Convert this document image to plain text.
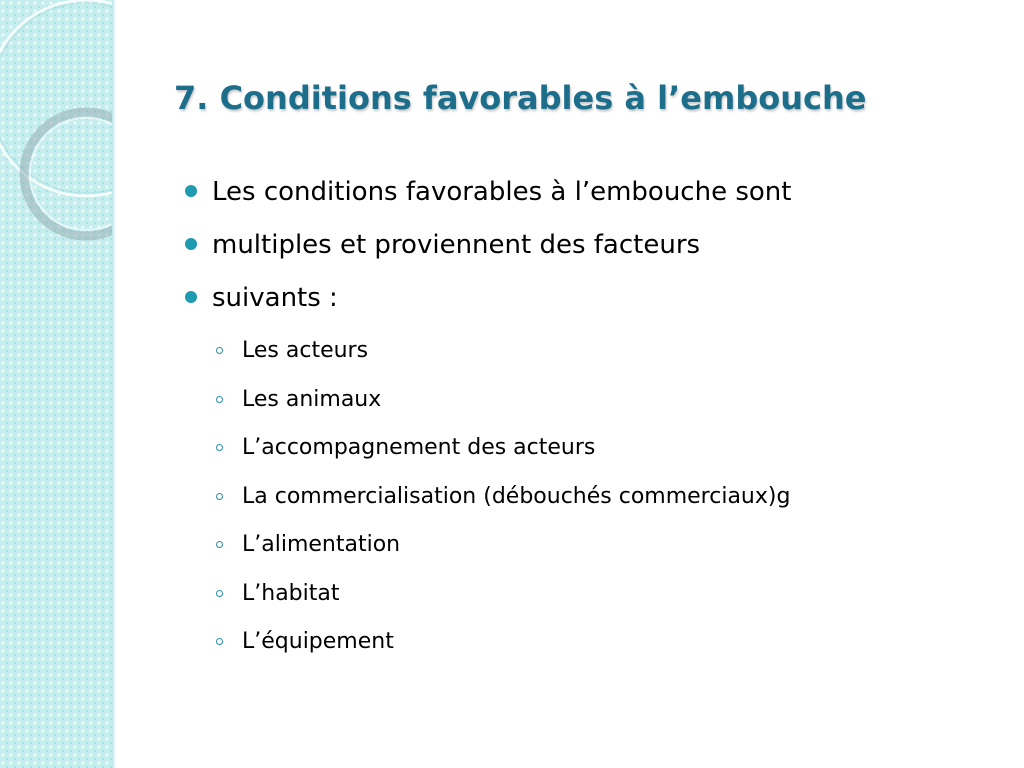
7. Conditions favorables à l’embouche
Les conditions favorables à l’embouche sont
multiples et proviennent des facteurs
suivants :
Les acteurs
Les animaux
L’accompagnement des acteurs
La commercialisation (débouchés commerciaux)g
L’alimentation
L’habitat
L’équipement
